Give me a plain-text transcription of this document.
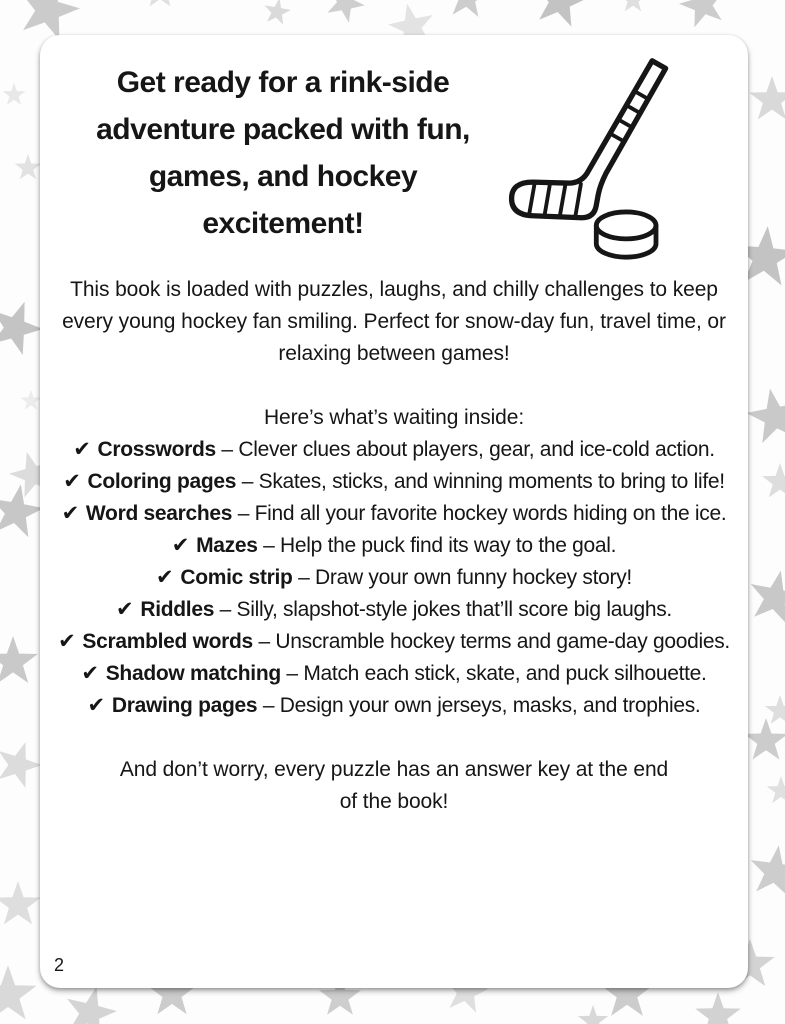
Get ready for a rink-side adventure packed with fun, games, and hockey excitement!

This book is loaded with puzzles, laughs, and chilly challenges to keep every young hockey fan smiling. Perfect for snow-day fun, travel time, or relaxing between games!

Here’s what’s waiting inside:

✔ Crosswords – Clever clues about players, gear, and ice-cold action.
✔ Coloring pages – Skates, sticks, and winning moments to bring to life!
✔ Word searches – Find all your favorite hockey words hiding on the ice.
✔ Mazes – Help the puck find its way to the goal.
✔ Comic strip – Draw your own funny hockey story!
✔ Riddles – Silly, slapshot-style jokes that’ll score big laughs.
✔ Scrambled words – Unscramble hockey terms and game-day goodies.
✔ Shadow matching – Match each stick, skate, and puck silhouette.
✔ Drawing pages – Design your own jerseys, masks, and trophies.

And don’t worry, every puzzle has an answer key at the end of the book!

2
